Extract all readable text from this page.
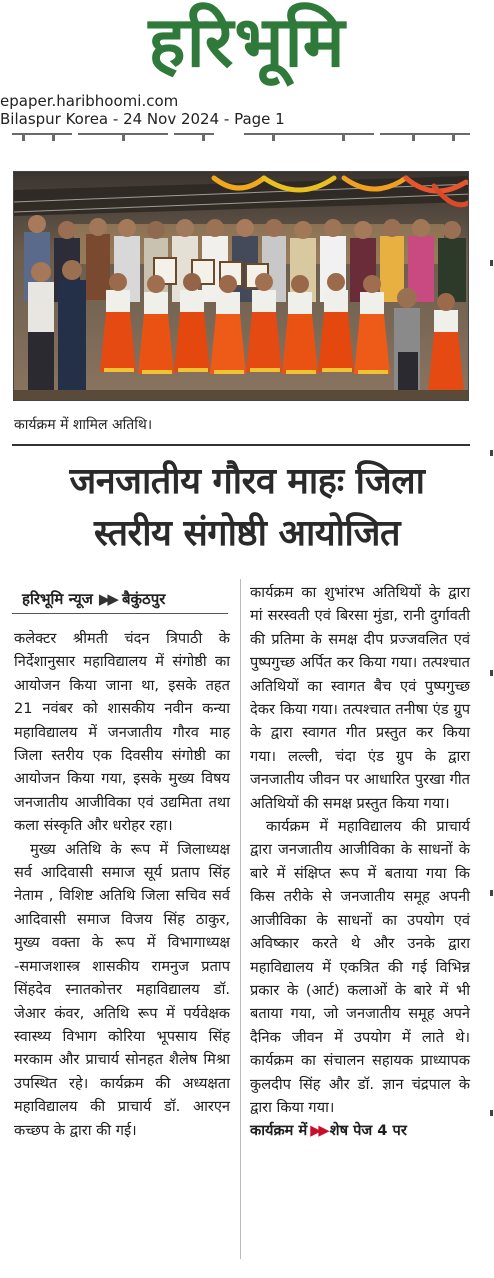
हरिभूमि
epaper.haribhoomi.com
Bilaspur Korea - 24 Nov 2024 - Page 1
कार्यक्रम में शामिल अतिथि।
जनजातीय गौरव माहः जिला
स्तरीय संगोष्ठी आयोजित
हरिभूमि न्यूज ▶▶ बैकुंठपुर

कलेक्टर श्रीमती चंदन त्रिपाठी के निर्देशानुसार महाविद्यालय में संगोष्ठी का आयोजन किया जाना था, इसके तहत 21 नवंबर को शासकीय नवीन कन्या महाविद्यालय में जनजातीय गौरव माह जिला स्तरीय एक दिवसीय संगोष्ठी का आयोजन किया गया, इसके मुख्य विषय जनजातीय आजीविका एवं उद्यमिता तथा कला संस्कृति और धरोहर रहा।

मुख्य अतिथि के रूप में जिलाध्यक्ष सर्व आदिवासी समाज सूर्य प्रताप सिंह नेताम , विशिष्ट अतिथि जिला सचिव सर्व आदिवासी समाज विजय सिंह ठाकुर, मुख्य वक्ता के रूप में विभागाध्यक्ष -समाजशास्त्र शासकीय रामनुज प्रताप सिंहदेव स्नातकोत्तर महाविद्यालय डॉ. जेआर कंवर, अतिथि रूप में पर्यवेक्षक स्वास्थ्य विभाग कोरिया भूपसाय सिंह मरकाम और प्राचार्य सोनहत शैलेष मिश्रा उपस्थित रहे। कार्यक्रम की अध्यक्षता महाविद्यालय की प्राचार्य डॉ. आरएन कच्छप के द्वारा की गई।

कार्यक्रम का शुभांरभ अतिथियों के द्वारा मां सरस्वती एवं बिरसा मुंडा, रानी दुर्गावती की प्रतिमा के समक्ष दीप प्रज्जवलित एवं पुष्पगुच्छ अर्पित कर किया गया। तत्पश्चात अतिथियों का स्वागत बैच एवं पुष्पगुच्छ देकर किया गया। तत्पश्चात तनीषा एंड ग्रुप के द्वारा स्वागत गीत प्रस्तुत कर किया गया। लल्ली, चंदा एंड ग्रुप के द्वारा जनजातीय जीवन पर आधारित पुरखा गीत अतिथियों की समक्ष प्रस्तुत किया गया।

कार्यक्रम में महाविद्यालय की प्राचार्य द्वारा जनजातीय आजीविका के साधनों के बारे में संक्षिप्त रूप में बताया गया कि किस तरीके से जनजातीय समूह अपनी आजीविका के साधनों का उपयोग एवं अविष्कार करते थे और उनके द्वारा महाविद्यालय में एकत्रित की गई विभिन्न प्रकार के (आर्ट) कलाओं के बारे में भी बताया गया, जो जनजातीय समूह अपने दैनिक जीवन में उपयोग में लाते थे। कार्यक्रम का संचालन सहायक प्राध्यापक कुलदीप सिंह और डॉ. ज्ञान चंद्रपाल के द्वारा किया गया।

कार्यक्रम में ▶▶ शेष पेज 4 पर
